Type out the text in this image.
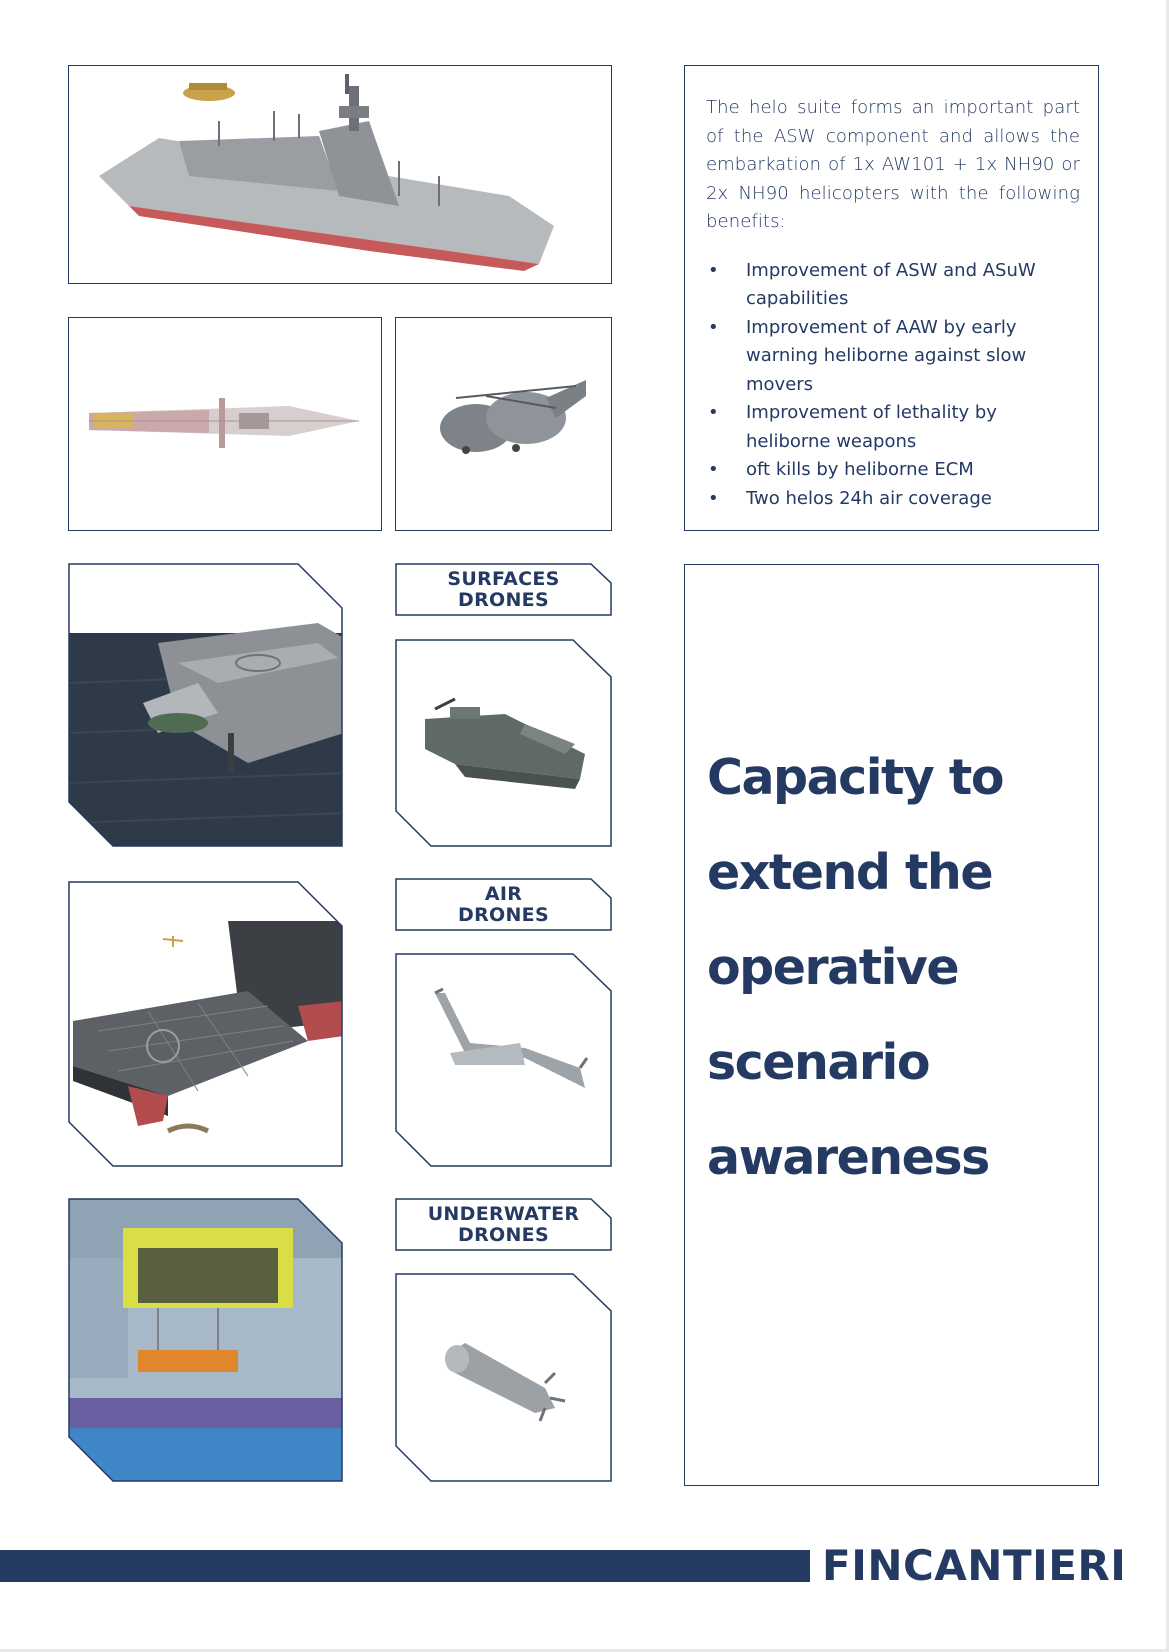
The helo suite forms an important part of the ASW component and allows the embarkation of 1x AW101 + 1x NH90 or 2x NH90 helicopters with the following benefits:

• Improvement of ASW and ASuW capabilities
• Improvement of AAW by early warning heliborne against slow movers
• Improvement of lethality by heliborne weapons
• oft kills by heliborne ECM
• Two helos 24h air coverage
SURFACES
DRONES
AIR
DRONES
UNDERWATER
DRONES
Capacity to
extend the
operative
scenario
awareness
FINCANTIERI
